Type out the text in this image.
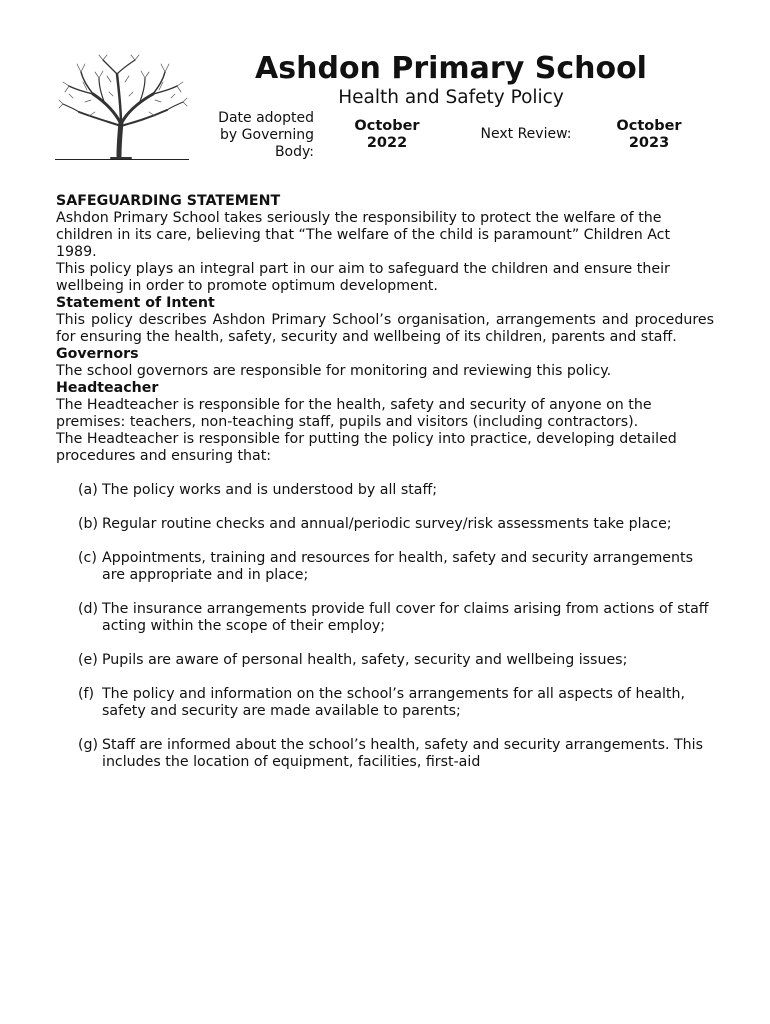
Ashdon Primary School
Health and Safety Policy
Date adopted
by Governing
Body:
October
2022
Next Review:	October
2023
SAFEGUARDING STATEMENT

Ashdon Primary School takes seriously the responsibility to protect the welfare of the children in its care, believing that “The welfare of the child is paramount” Children Act 1989.

This policy plays an integral part in our aim to safeguard the children and ensure their wellbeing in order to promote optimum development.

Statement of Intent

This policy describes Ashdon Primary School’s organisation, arrangements and procedures for ensuring the health, safety, security and wellbeing of its children, parents and staff.

Governors

The school governors are responsible for monitoring and reviewing this policy.

Headteacher

The Headteacher is responsible for the health, safety and security of anyone on the premises: teachers, non-teaching staff, pupils and visitors (including contractors).

The Headteacher is responsible for putting the policy into practice, developing detailed procedures and ensuring that:

(a) The policy works and is understood by all staff;
(b) Regular routine checks and annual/periodic survey/risk assessments take place;
(c) Appointments, training and resources for health, safety and security arrangements are appropriate and in place;
(d) The insurance arrangements provide full cover for claims arising from actions of staff acting within the scope of their employ;
(e) Pupils are aware of personal health, safety, security and wellbeing issues;
(f) The policy and information on the school’s arrangements for all aspects of health, safety and security are made available to parents;
(g) Staff are informed about the school’s health, safety and security arrangements. This includes the location of equipment, facilities, first-aid
